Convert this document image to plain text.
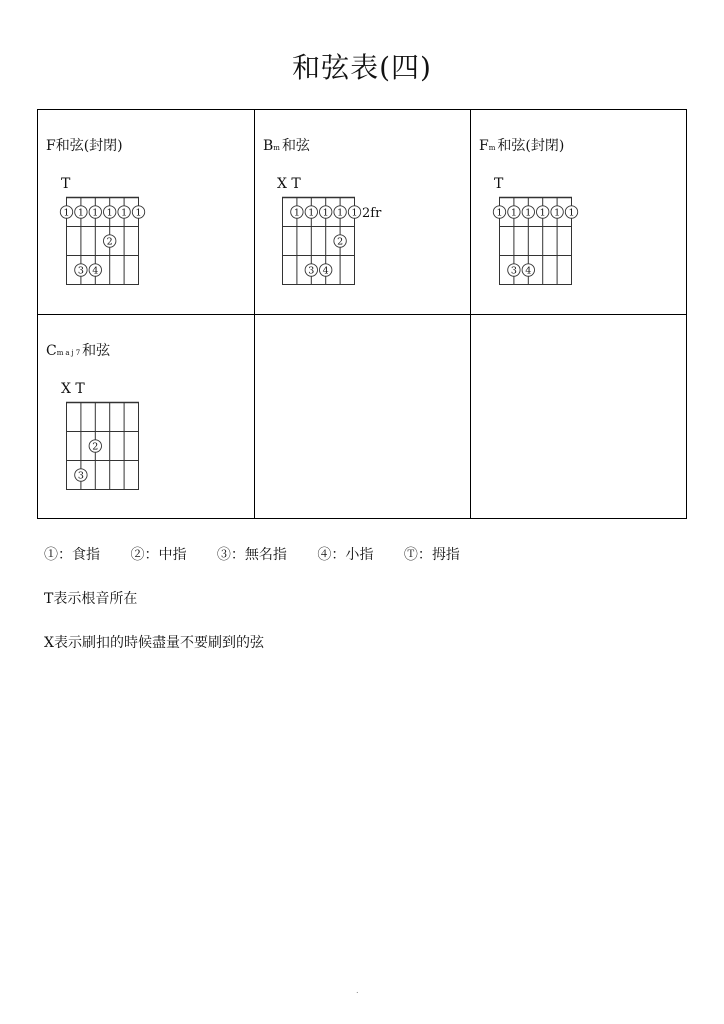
和弦表(四)
F和弦(封閉)
T
1 1 1 1 1 1
2
3 4
Bm和弦
X T
1 1 1 1 1
2
3 4
2fr
Fm和弦(封閉)
T
1 1 1 1 1 1
3 4
Cmaj7和弦
X T
2
3
①：食指 ②：中指 ③：無名指 ④：小指 Ⓣ：拇指
T表示根音所在
X表示刷扣的時候盡量不要刷到的弦
.
